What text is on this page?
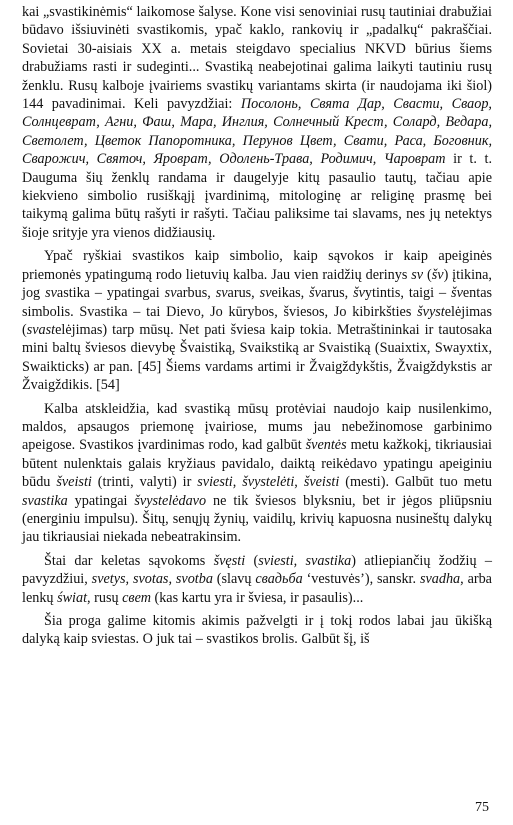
kai „svastikinėmis“ laikomose šalyse. Kone visi senoviniai rusų tautiniai drabužiai būdavo išsiuvinėti svastikomis, ypač kaklo, rankovių ir „padalkų“ pakraščiai. Sovietai 30-aisiais XX a. metais steigdavo specialius NKVD būrius šiems drabužiams rasti ir sudeginti... Svastiką neabejotinai galima laikyti tautiniu rusų ženklu. Rusų kalboje įvairiems svastikų variantams skirta (ir naudojama iki šiol) 144 pavadinimai. Keli pavyzdžiai: Посолонь, Свята Дар, Свасти, Сваор, Солнцеврат, Агни, Фаш, Мара, Инглия, Солнечный Крест, Солард, Ведара, Светолет, Цветок Папоротника, Перунов Цвет, Свати, Раса, Боговник, Сварожич, Святоч, Яроврат, Одолень-Трава, Родимич, Чароврат ir t. t. Dauguma šių ženklų randama ir daugelyje kitų pasaulio tautų, tačiau apie kiekvieno simbolio rusiškąjį įvardinimą, mitologinę ar religinę prasmę bei taikymą galima būtų rašyti ir rašyti. Tačiau paliksime tai slavams, nes jų netektys šioje srityje yra vienos didžiausių.

Ypač ryškiai svastikos kaip simbolio, kaip sąvokos ir kaip apeiginės priemonės ypatingumą rodo lietuvių kalba. Jau vien raidžių derinys sv (šv) įtikina, jog svastika – ypatingai svarbus, svarus, sveikas, švarus, švytintis, taigi – šventas simbolis. Svastika – tai Dievo, Jo kūrybos, šviesos, Jo kibirkšties švystelėjimas (svastelėjimas) tarp mūsų. Net pati šviesa kaip tokia. Metraštininkai ir tautosaka mini baltų šviesos dievybę Švaistiką, Svaikstiką ar Svaistiką (Suaixtix, Swayxtix, Swaikticks) ar pan. [45] Šiems vardams artimi ir Žvaigždykštis, Žvaigždykstis ar Žvaigždikis. [54]

Kalba atskleidžia, kad svastiką mūsų protėviai naudojo kaip nusilenkimo, maldos, apsaugos priemonę įvairiose, mums jau nebežinomose garbinimo apeigose. Svastikos įvardinimas rodo, kad galbūt šventės metu kažkokį, tikriausiai būtent nulenktais galais kryžiaus pavidalo, daiktą reikėdavo ypatingu apeiginiu būdu šveisti (trinti, valyti) ir sviesti, švystelėti, šveisti (mesti). Galbūt tuo metu svastika ypatingai švystelėdavo ne tik šviesos blyksniu, bet ir jėgos pliūpsniu (energiniu impulsu). Šitų, senųjų žynių, vaidilų, krivių kapuosna nusineštų dalykų jau tikriausiai niekada nebeatrakinsim.

Štai dar keletas sąvokoms švęsti (sviesti, svastika) atliepiančių žodžių – pavyzdžiui, svetys, svotas, svotba (slavų свадьба ‘vestuvės’), sanskr. svadha, arba lenkų świat, rusų свет (kas kartu yra ir šviesa, ir pasaulis)...

Šia proga galime kitomis akimis pažvelgti ir į tokį rodos labai jau ūkišką dalyką kaip sviestas. O juk tai – svastikos brolis. Galbūt šį, iš

75
